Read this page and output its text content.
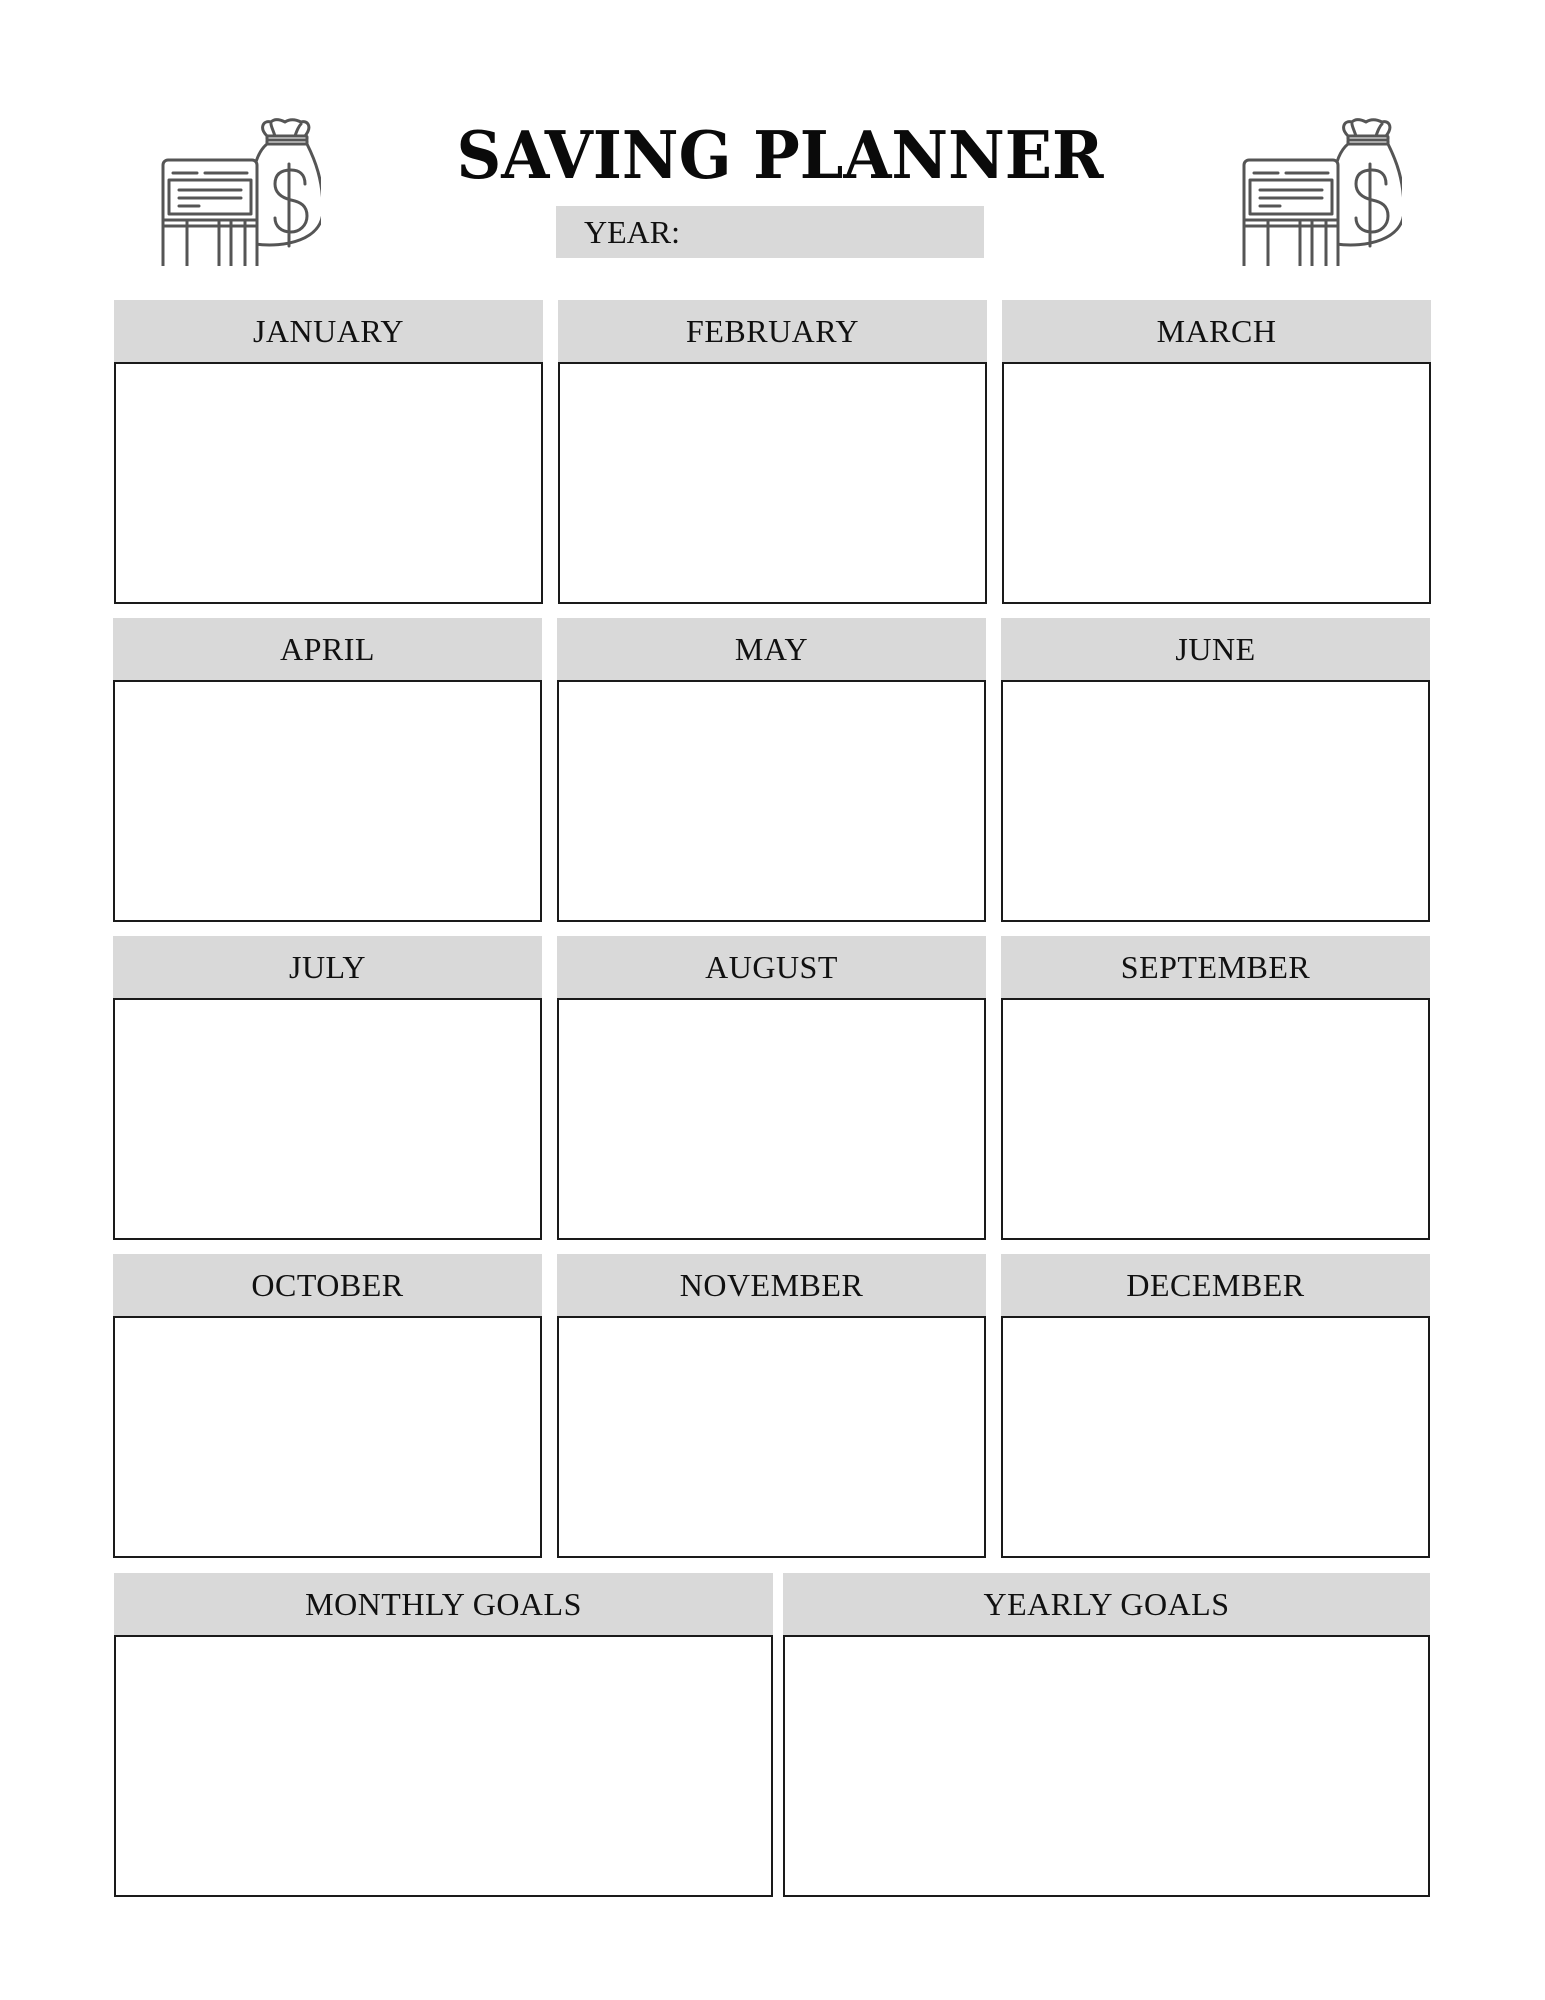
SAVING PLANNER
YEAR:
JANUARY	FEBRUARY	MARCH
APRIL	MAY	JUNE
JULY	AUGUST	SEPTEMBER
OCTOBER	NOVEMBER	DECEMBER
MONTHLY GOALS	YEARLY GOALS
